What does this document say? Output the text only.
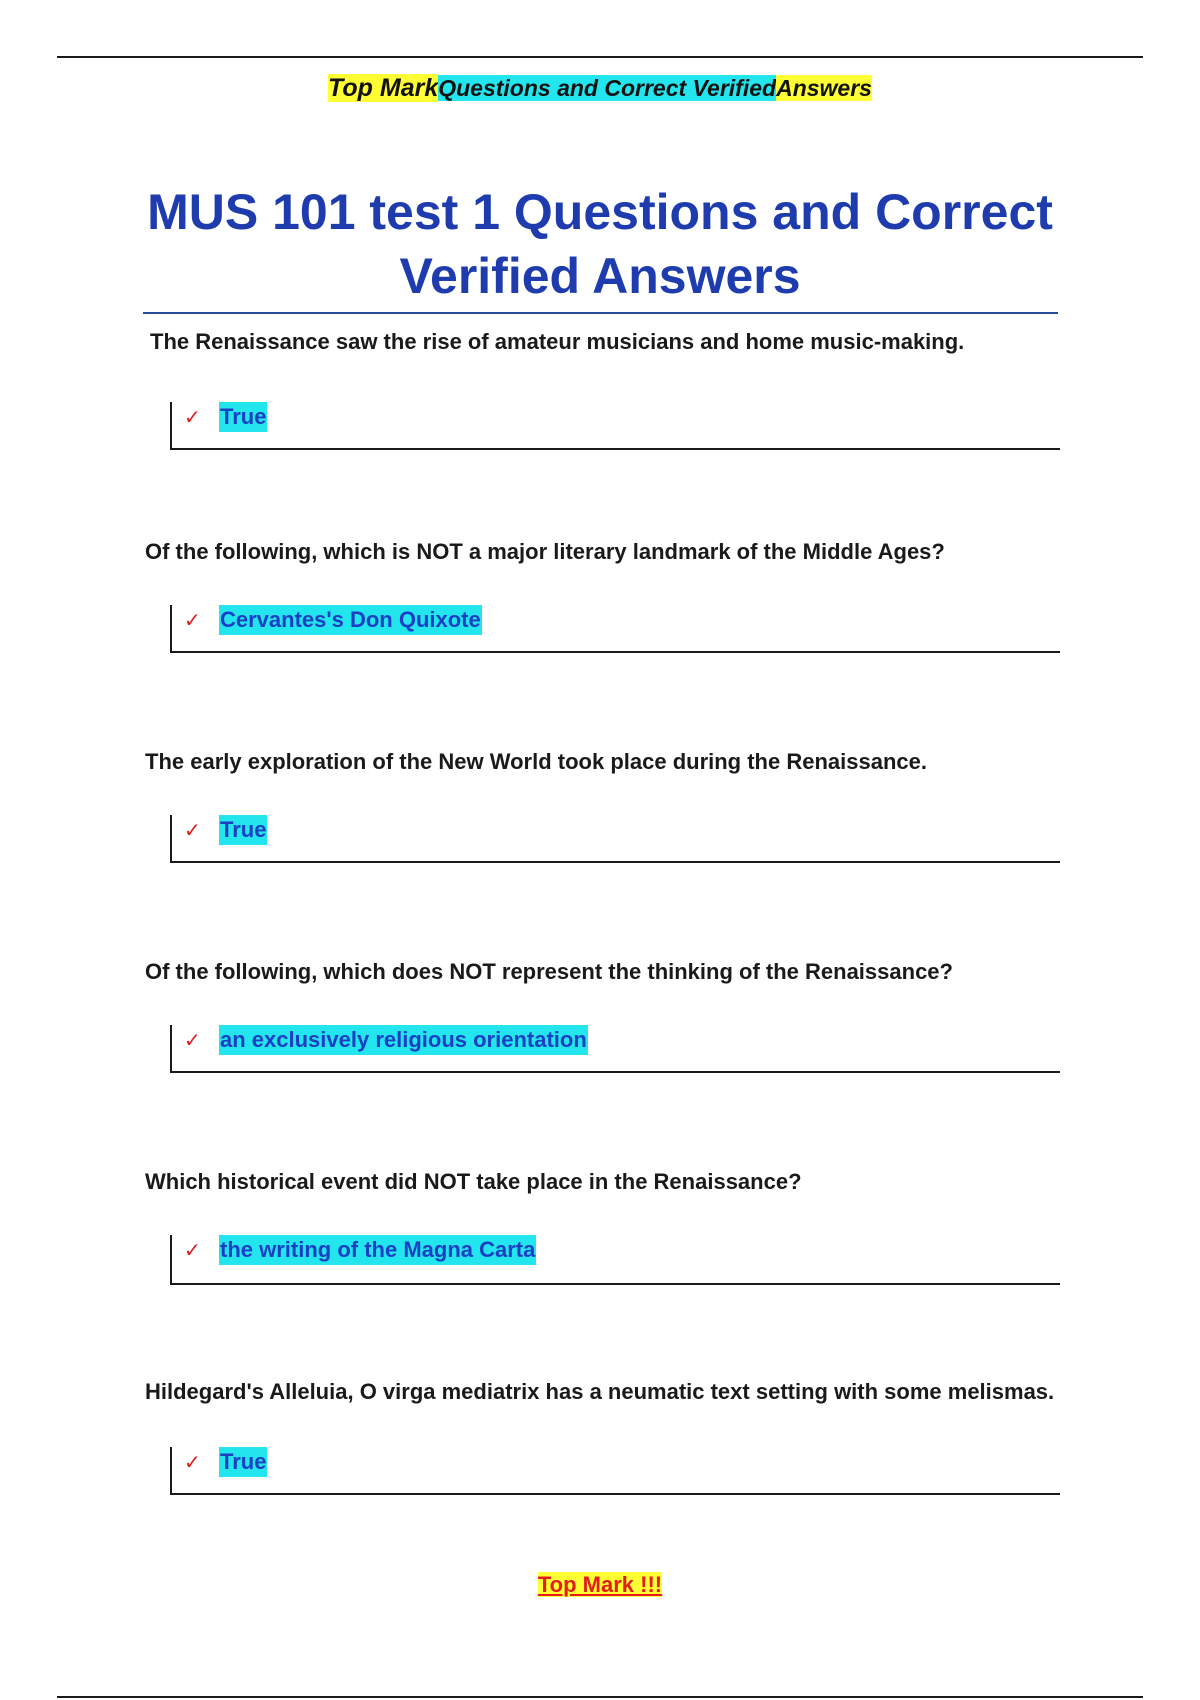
Top MarkQuestions and Correct VerifiedAnswers
MUS 101 test 1 Questions and Correct
Verified Answers
The Renaissance saw the rise of amateur musicians and home music-making.
✓ True
Of the following, which is NOT a major literary landmark of the Middle Ages?
✓ Cervantes's Don Quixote
The early exploration of the New World took place during the Renaissance.
✓ True
Of the following, which does NOT represent the thinking of the Renaissance?
✓ an exclusively religious orientation
Which historical event did NOT take place in the Renaissance?
✓ the writing of the Magna Carta
Hildegard's Alleluia, O virga mediatrix has a neumatic text setting with some melismas.
✓ True
Top Mark !!!
